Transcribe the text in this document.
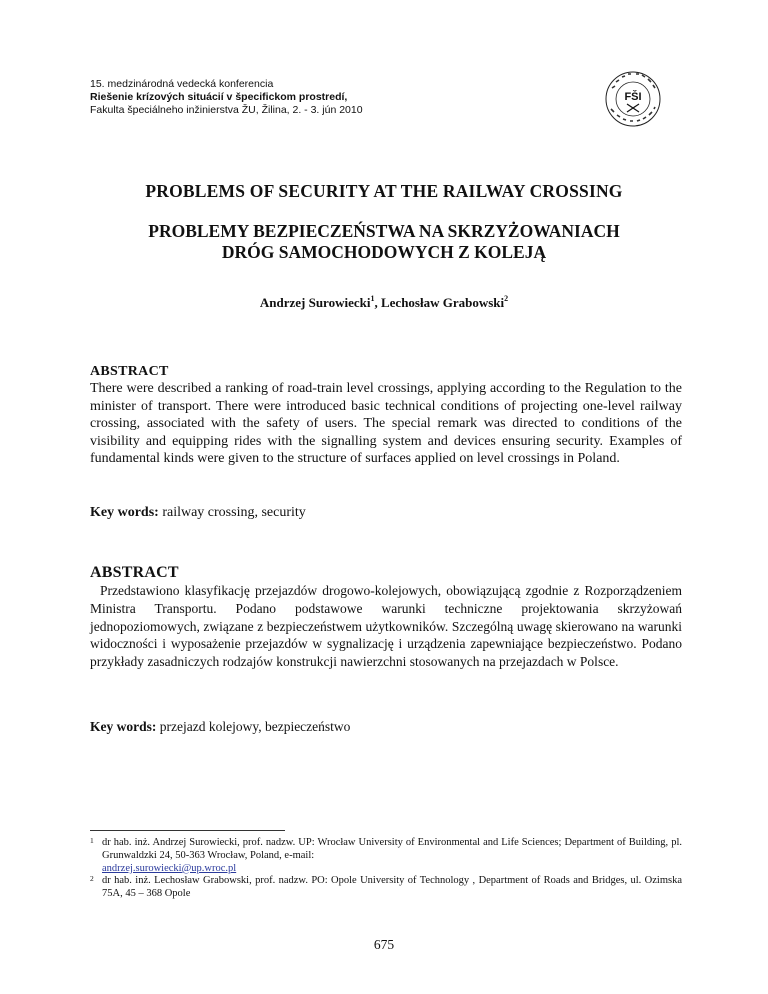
15. medzinárodná vedecká konferencia
Riešenie krízových situácií v špecifickom prostredí,
Fakulta špeciálneho inžinierstva ŽU, Žilina, 2. - 3. jún 2010
FŠI
PROBLEMS OF SECURITY AT THE RAILWAY CROSSING
PROBLEMY BEZPIECZEŃSTWA NA SKRZYŻOWANIACH
DRÓG SAMOCHODOWYCH Z KOLEJĄ
Andrzej Surowiecki$^1$, Lechosław Grabowski$^2$
ABSTRACT
There were described a ranking of road-train level crossings, applying according to the Regulation to the minister of transport. There were introduced basic technical conditions of projecting one-level railway crossing, associated with the safety of users. The special remark was directed to conditions of the visibility and equipping rides with the signalling system and devices ensuring security. Examples of fundamental kinds were given to the structure of surfaces applied on level crossings in Poland.
Key words: railway crossing, security
ABSTRACT
Przedstawiono klasyfikację przejazdów drogowo-kolejowych, obowiązującą zgodnie z Rozporządzeniem Ministra Transportu. Podano podstawowe warunki techniczne projektowania skrzyżowań jednopoziomowych, związane z bezpieczeństwem użytkowników. Szczególną uwagę skierowano na warunki widoczności i wyposażenie przejazdów w sygnalizację i urządzenia zapewniające bezpieczeństwo. Podano przykłady zasadniczych rodzajów konstrukcji nawierzchni stosowanych na przejazdach w Polsce.
Key words: przejazd kolejowy, bezpieczeństwo
1 dr hab. inż. Andrzej Surowiecki, prof. nadzw. UP: Wrocław University of Environmental and Life Sciences; Department of Building, pl. Grunwaldzki 24, 50-363 Wrocław, Poland, e-mail:
andrzej.surowiecki@up.wroc.pl
2 dr hab. inż. Lechosław Grabowski, prof. nadzw. PO: Opole University of Technology , Department of Roads and Bridges, ul. Ozimska 75A, 45 – 368 Opole
675
